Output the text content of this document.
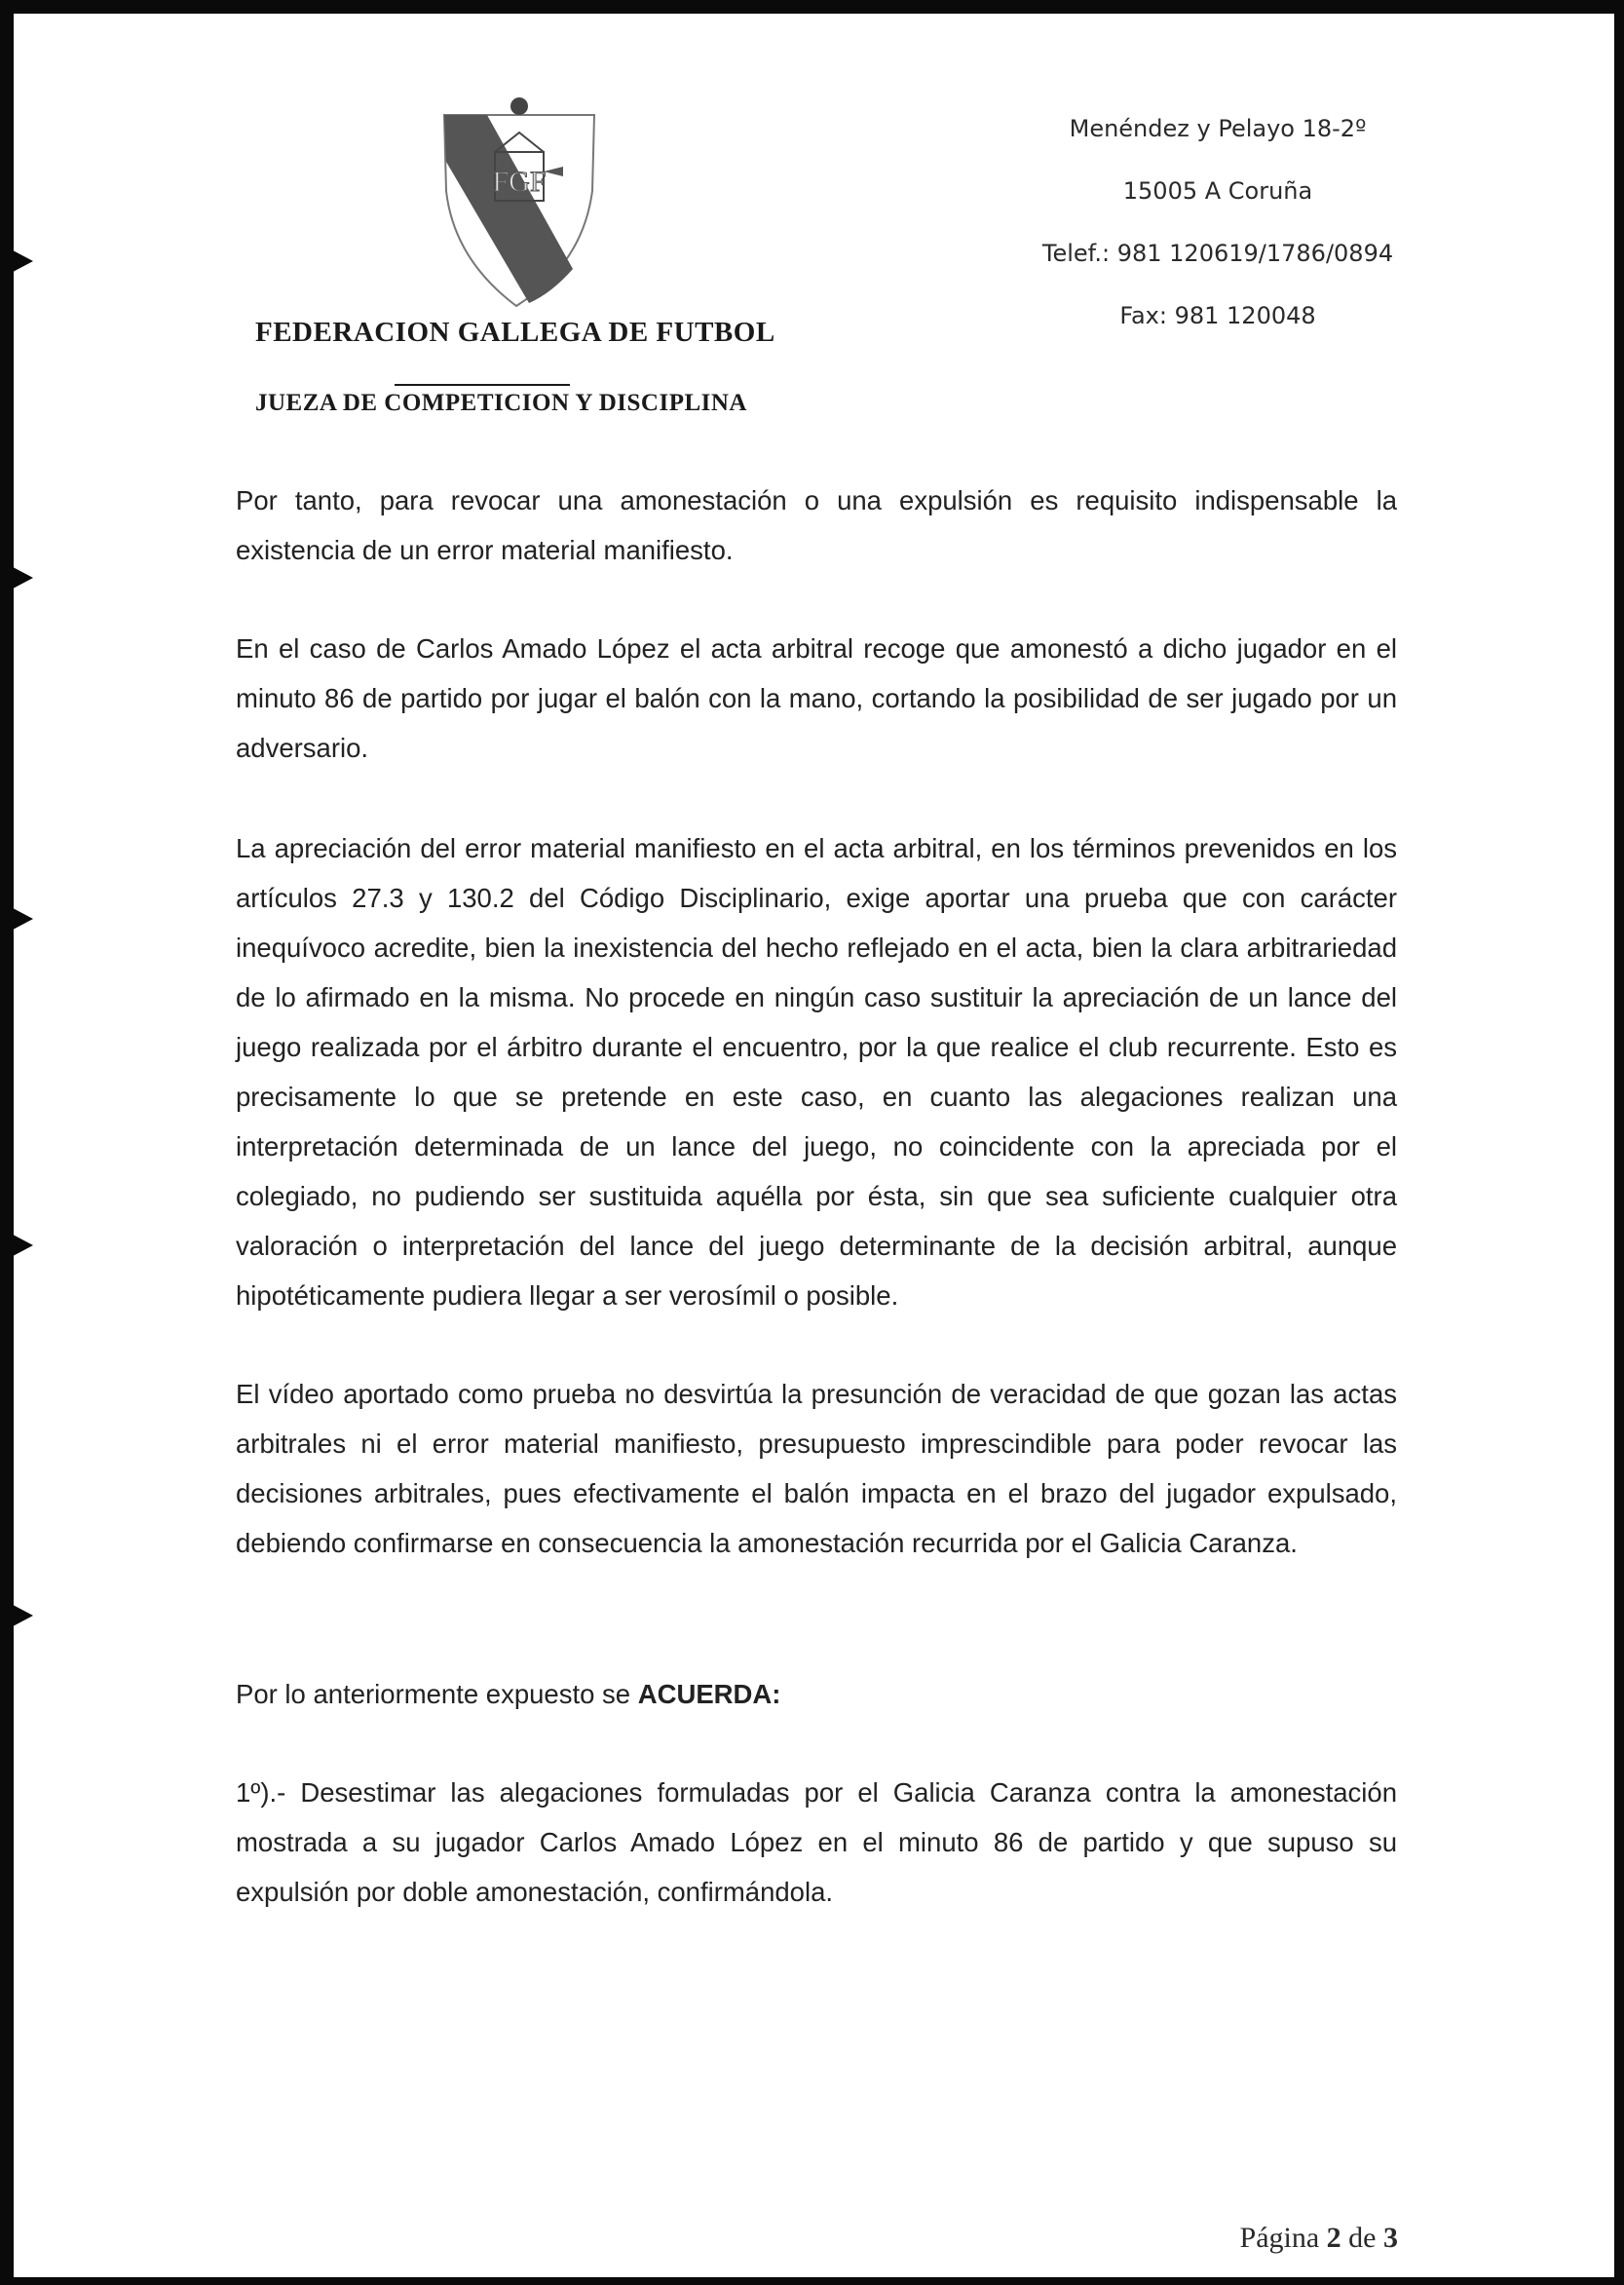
FGF
FEDERACION GALLEGA DE FUTBOL
JUEZA DE COMPETICION Y DISCIPLINA
Menéndez y Pelayo 18-2º
15005 A Coruña
Telef.: 981 120619/1786/0894
Fax: 981 120048

Por tanto, para revocar una amonestación o una expulsión es requisito indispensable la existencia de un error material manifiesto.

En el caso de Carlos Amado López el acta arbitral recoge que amonestó a dicho jugador en el minuto 86 de partido por jugar el balón con la mano, cortando la posibilidad de ser jugado por un adversario.

La apreciación del error material manifiesto en el acta arbitral, en los términos prevenidos en los artículos 27.3 y 130.2 del Código Disciplinario, exige aportar una prueba que con carácter inequívoco acredite, bien la inexistencia del hecho reflejado en el acta, bien la clara arbitrariedad de lo afirmado en la misma. No procede en ningún caso sustituir la apreciación de un lance del juego realizada por el árbitro durante el encuentro, por la que realice el club recurrente. Esto es precisamente lo que se pretende en este caso, en cuanto las alegaciones realizan una interpretación determinada de un lance del juego, no coincidente con la apreciada por el colegiado, no pudiendo ser sustituida aquélla por ésta, sin que sea suficiente cualquier otra valoración o interpretación del lance del juego determinante de la decisión arbitral, aunque hipotéticamente pudiera llegar a ser verosímil o posible.

El vídeo aportado como prueba no desvirtúa la presunción de veracidad de que gozan las actas arbitrales ni el error material manifiesto, presupuesto imprescindible para poder revocar las decisiones arbitrales, pues efectivamente el balón impacta en el brazo del jugador expulsado, debiendo confirmarse en consecuencia la amonestación recurrida por el Galicia Caranza.

Por lo anteriormente expuesto se ACUERDA:

1º).- Desestimar las alegaciones formuladas por el Galicia Caranza contra la amonestación mostrada a su jugador Carlos Amado López en el minuto 86 de partido y que supuso su expulsión por doble amonestación, confirmándola.

Página 2 de 3
